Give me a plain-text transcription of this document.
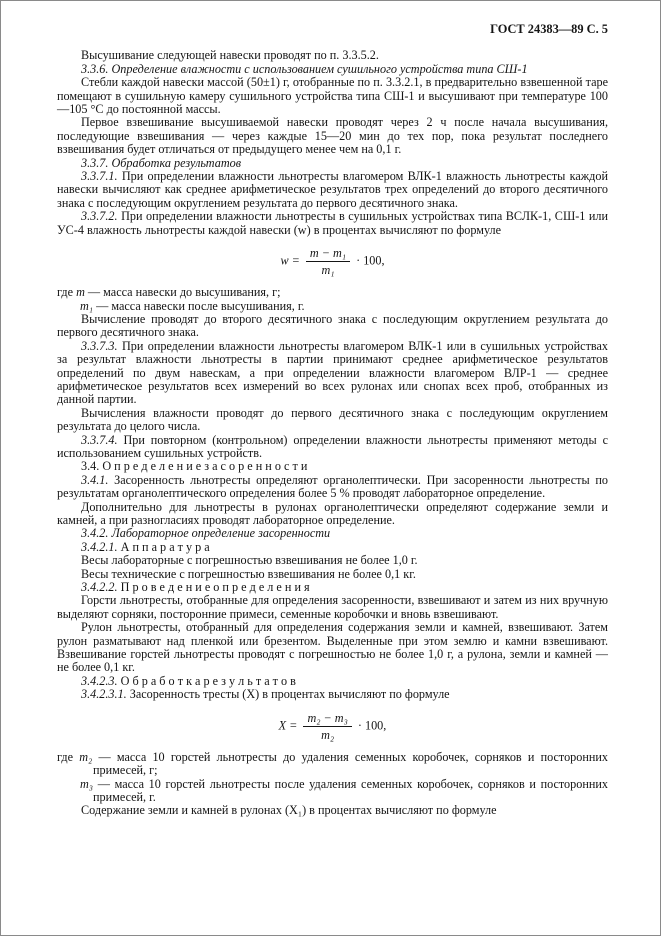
ГОСТ 24383—89 С. 5

Высушивание следующей навески проводят по п. 3.3.5.2.

3.3.6. Определение влажности с использованием сушильного устройства типа СШ-1

Стебли каждой навески массой (50±1) г, отобранные по п. 3.3.2.1, в предварительно взвешенной таре помещают в сушильную камеру сушильного устройства типа СШ-1 и высушивают при температуре 100—105 °С до постоянной массы.

Первое взвешивание высушиваемой навески проводят через 2 ч после начала высушивания, последующие взвешивания — через каждые 15—20 мин до тех пор, пока результат последнего взвешивания будет отличаться от предыдущего менее чем на 0,1 г.

3.3.7. Обработка результатов

3.3.7.1. При определении влажности льнотресты влагомером ВЛК-1 влажность льнотресты каждой навески вычисляют как среднее арифметическое результатов трех определений до второго десятичного знака с последующим округлением результата до первого десятичного знака.

3.3.7.2. При определении влажности льнотресты в сушильных устройствах типа ВСЛК-1, СШ-1 или УС-4 влажность льнотресты каждой навески (w) в процентах вычисляют по формуле

$w = \frac{\text{m − m₁}}{\text{m₁}} \cdot 100$,

где m — масса навески до высушивания, г;

m₁ — масса навески после высушивания, г.

Вычисление проводят до второго десятичного знака с последующим округлением результата до первого десятичного знака.

3.3.7.3. При определении влажности льнотресты влагомером ВЛК-1 или в сушильных устройствах за результат влажности льнотресты в партии принимают среднее арифметическое результатов определений по двум навескам, а при определении влажности влагомером ВЛР-1 — среднее арифметическое результатов всех измерений во всех рулонах или снопах всех проб, отобранных из данной партии.

Вычисления влажности проводят до первого десятичного знака с последующим округлением результата до целого числа.

3.3.7.4. При повторном (контрольном) определении влажности льнотресты применяют методы с использованием сушильных устройств.

3.4. О п р е д е л е н и е з а с о р е н н о с т и

3.4.1. Засоренность льнотресты определяют органолептически. При засоренности льнотресты по результатам органолептического определения более 5 % проводят лабораторное определение.

Дополнительно для льнотресты в рулонах органолептически определяют содержание земли и камней, а при разногласиях проводят лабораторное определение.

3.4.2. Лабораторное определение засоренности

3.4.2.1. А п п а р а т у р а

Весы лабораторные с погрешностью взвешивания не более 1,0 г.

Весы технические с погрешностью взвешивания не более 0,1 кг.

3.4.2.2. П р о в е д е н и е о п р е д е л е н и я

Горсти льнотресты, отобранные для определения засоренности, взвешивают и затем из них вручную выделяют сорняки, посторонние примеси, семенные коробочки и вновь взвешивают.

Рулон льнотресты, отобранный для определения содержания земли и камней, взвешивают. Затем рулон разматывают над пленкой или брезентом. Выделенные при этом землю и камни взвешивают. Взвешивание горстей льнотресты проводят с погрешностью не более 1,0 г, а рулона, земли и камней — не более 0,1 кг.

3.4.2.3. О б р а б о т к а р е з у л ь т а т о в

3.4.2.3.1. Засоренность тресты (X) в процентах вычисляют по формуле

$X = \frac{\text{m₂ − m₃}}{\text{m₂}} \cdot 100$,

где m₂ — масса 10 горстей льнотресты до удаления семенных коробочек, сорняков и посторонних примесей, г;

m₃ — масса 10 горстей льнотресты после удаления семенных коробочек, сорняков и посторонних примесей, г.

Содержание земли и камней в рулонах (X₁) в процентах вычисляют по формуле
